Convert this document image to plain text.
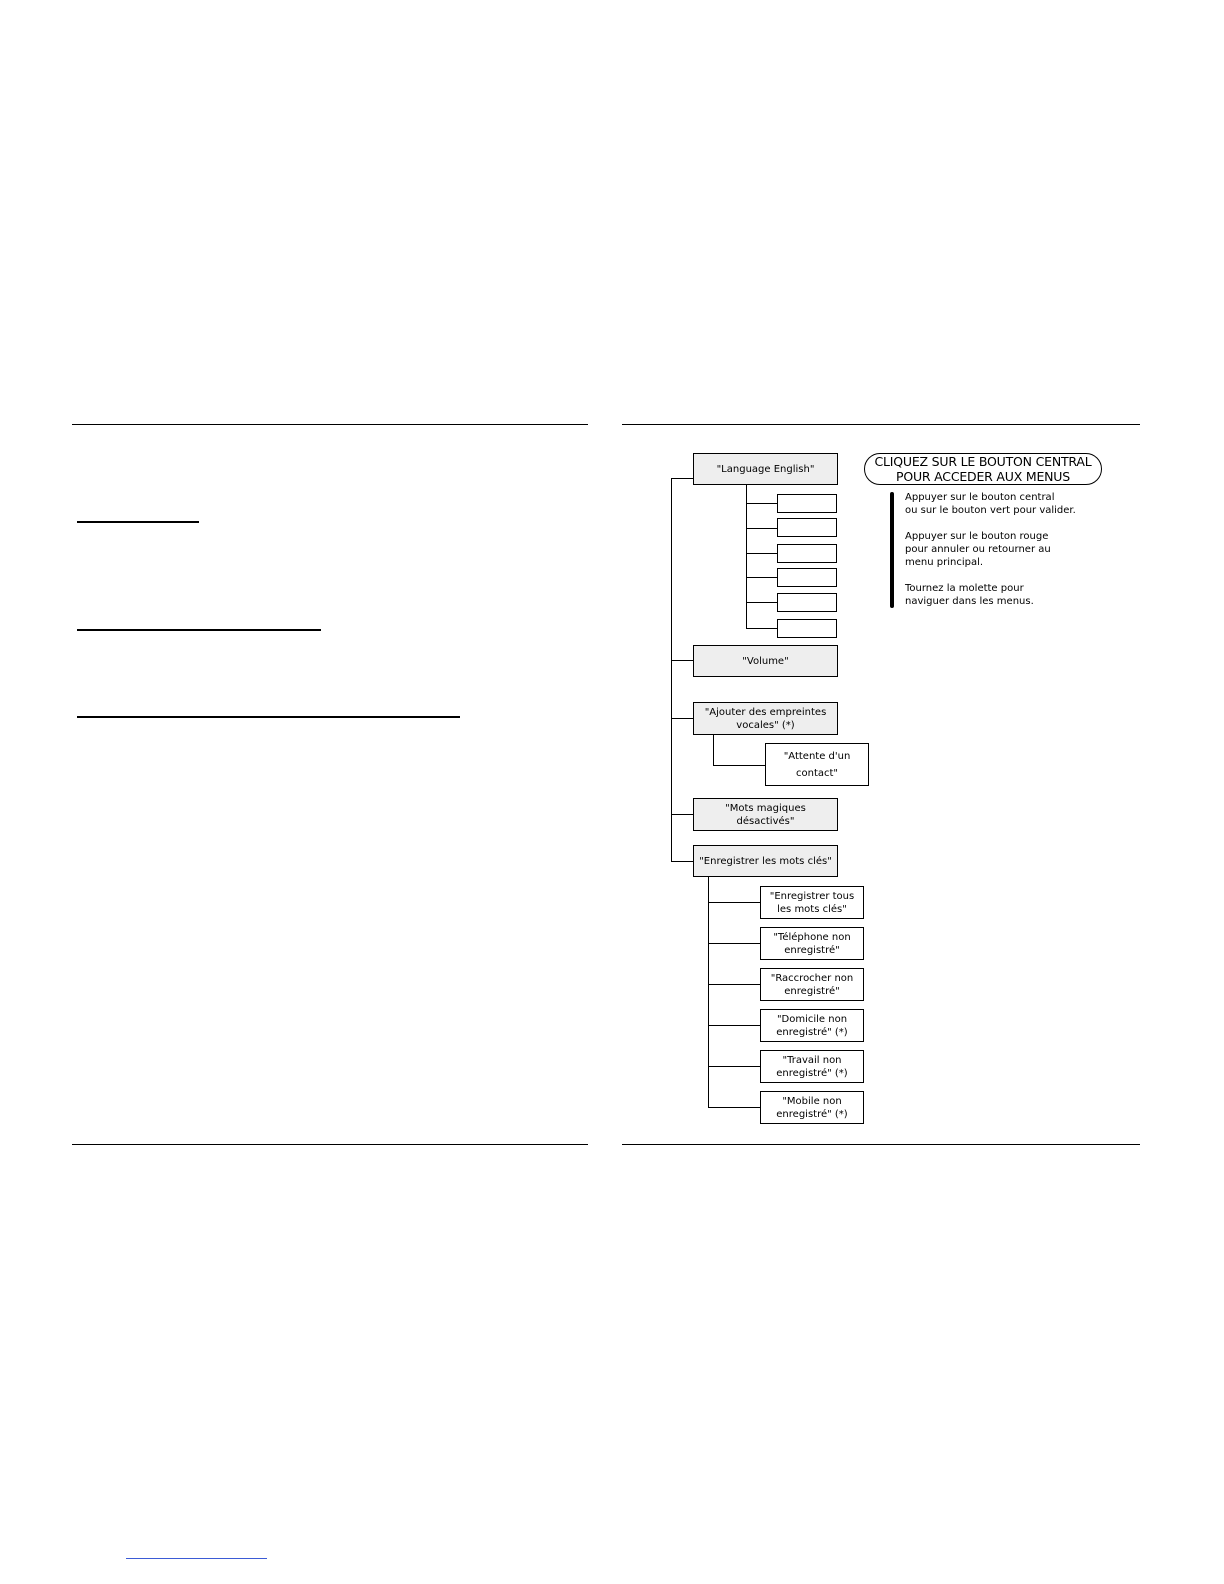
"Language English"
"Volume"
"Ajouter des empreintes
vocales" (*)
"Attente d'un
contact"
"Mots magiques
désactivés"
"Enregistrer les mots clés"
"Enregistrer tous
les mots clés"
"Téléphone non
enregistré"
"Raccrocher non
enregistré"
"Domicile non
enregistré" (*)
"Travail non
enregistré" (*)
"Mobile non
enregistré" (*)
CLIQUEZ SUR LE BOUTON CENTRAL
POUR ACCEDER AUX MENUS
Appuyer sur le bouton central
ou sur le bouton vert pour valider.
Appuyer sur le bouton rouge
pour annuler ou retourner au
menu principal.
Tournez la molette pour
naviguer dans les menus.
